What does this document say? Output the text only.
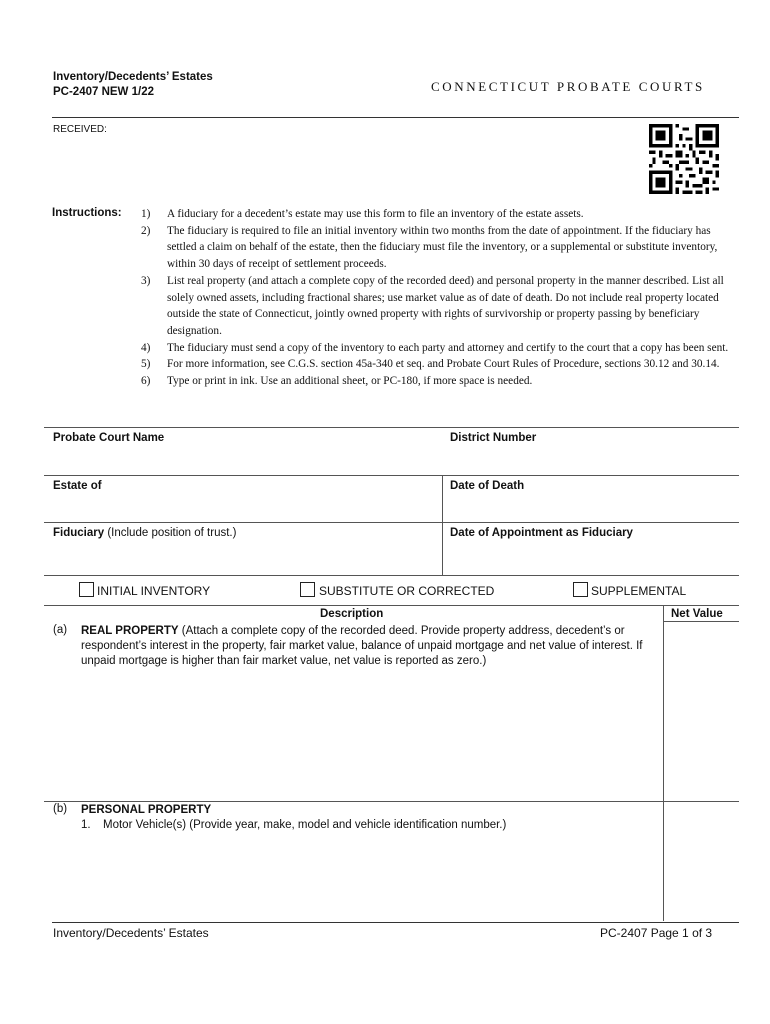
Inventory/Decedents’ Estates
PC-2407 NEW 1/22	CONNECTICUT PROBATE COURTS
RECEIVED:
Instructions: 1)	A fiduciary for a decedent’s estate may use this form to file an inventory of the estate assets.
2)	The fiduciary is required to file an initial inventory within two months from the date of appointment. If the fiduciary has settled a claim on behalf of the estate, then the fiduciary must file the inventory, or a supplemental or substitute inventory, within 30 days of receipt of settlement proceeds.
3)	List real property (and attach a complete copy of the recorded deed) and personal property in the manner described. List all solely owned assets, including fractional shares; use market value as of date of death. Do not include real property located outside the state of Connecticut, jointly owned property with rights of survivorship or property passing by beneficiary designation.
4)	The fiduciary must send a copy of the inventory to each party and attorney and certify to the court that a copy has been sent.
5)	For more information, see C.G.S. section 45a-340 et seq. and Probate Court Rules of Procedure, sections 30.12 and 30.14.
6)	Type or print in ink. Use an additional sheet, or PC-180, if more space is needed.
Probate Court Name	District Number
Estate of	Date of Death
Fiduciary (Include position of trust.)	Date of Appointment as Fiduciary
INITIAL INVENTORY	SUBSTITUTE OR CORRECTED	SUPPLEMENTAL
Description	Net Value
(a) REAL PROPERTY (Attach a complete copy of the recorded deed. Provide property address, decedent’s or respondent’s interest in the property, fair market value, balance of unpaid mortgage and net value of interest. If unpaid mortgage is higher than fair market value, net value is reported as zero.)
(b) PERSONAL PROPERTY
1. Motor Vehicle(s) (Provide year, make, model and vehicle identification number.)
Inventory/Decedents’ Estates	PC-2407 Page 1 of 3
